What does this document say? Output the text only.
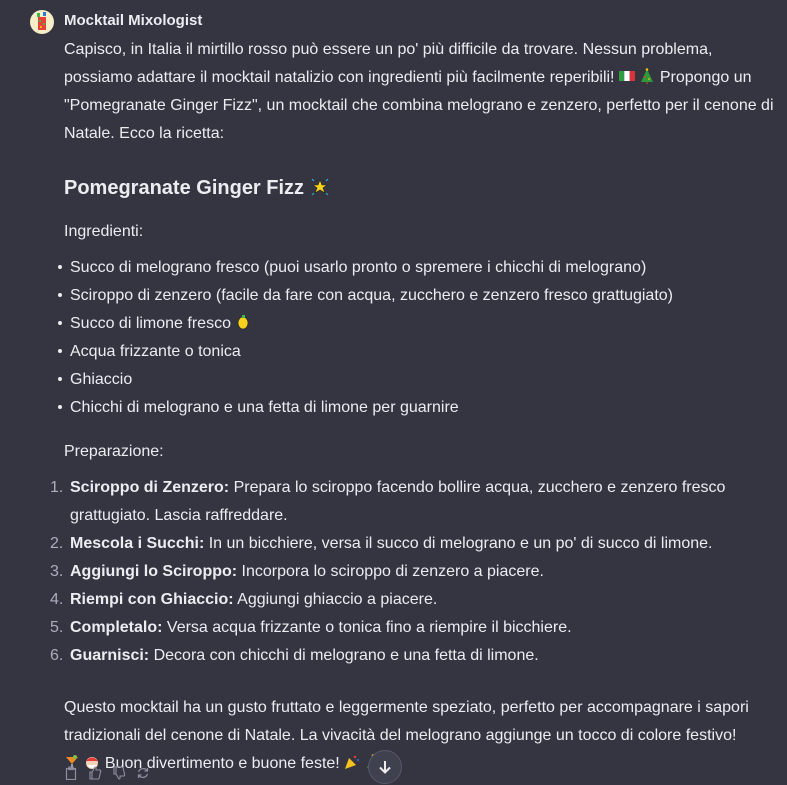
Mocktail Mixologist

Capisco, in Italia il mirtillo rosso può essere un po' più difficile da trovare. Nessun problema, possiamo adattare il mocktail natalizio con ingredienti più facilmente reperibili!	Propongo un "Pomegranate Ginger Fizz", un mocktail che combina melograno e zenzero, perfetto per il cenone di Natale. Ecco la ricetta:

Pomegranate Ginger Fizz

Ingredienti:

Succo di melograno fresco (puoi usarlo pronto o spremere i chicchi di melograno)
Sciroppo di zenzero (facile da fare con acqua, zucchero e zenzero fresco grattugiato)
Succo di limone fresco
Acqua frizzante o tonica
Ghiaccio
Chicchi di melograno e una fetta di limone per guarnire

Preparazione:

1. Sciroppo di Zenzero: Prepara lo sciroppo facendo bollire acqua, zucchero e zenzero fresco grattugiato. Lascia raffreddare.
2. Mescola i Succhi: In un bicchiere, versa il succo di melograno e un po' di succo di limone.
3. Aggiungi lo Sciroppo: Incorpora lo sciroppo di zenzero a piacere.
4. Riempi con Ghiaccio: Aggiungi ghiaccio a piacere.
5. Completalo: Versa acqua frizzante o tonica fino a riempire il bicchiere.
6. Guarnisci: Decora con chicchi di melograno e una fetta di limone.

Questo mocktail ha un gusto fruttato e leggermente speziato, perfetto per accompagnare i sapori tradizionali del cenone di Natale. La vivacità del melograno aggiunge un tocco di colore festivo!
Buon divertimento e buone feste!
